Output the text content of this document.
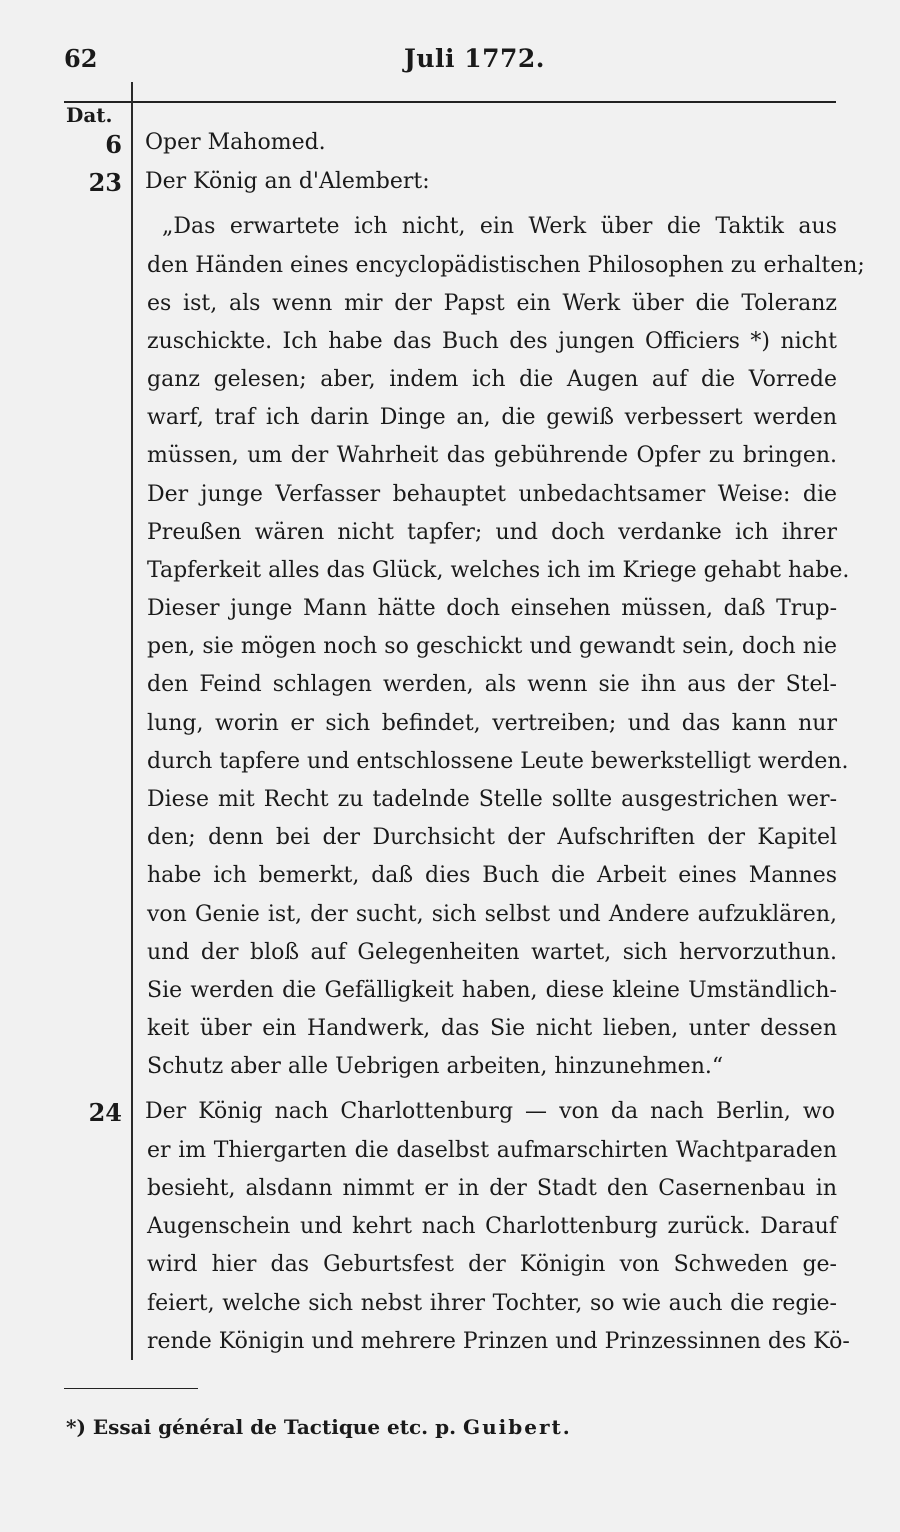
62	Juli 1772.
Dat.
6 Oper Mahomed.
23 Der König an d'Alembert:
„Das erwartete ich nicht, ein Werk über die Taktik aus
den Händen eines encyclopädistischen Philosophen zu erhalten;
es ist, als wenn mir der Papst ein Werk über die Toleranz
zuschickte. Ich habe das Buch des jungen Officiers *) nicht
ganz gelesen; aber, indem ich die Augen auf die Vorrede
warf, traf ich darin Dinge an, die gewiß verbessert werden
müssen, um der Wahrheit das gebührende Opfer zu bringen.
Der junge Verfasser behauptet unbedachtsamer Weise: die
Preußen wären nicht tapfer; und doch verdanke ich ihrer
Tapferkeit alles das Glück, welches ich im Kriege gehabt habe.
Dieser junge Mann hätte doch einsehen müssen, daß Trup-
pen, sie mögen noch so geschickt und gewandt sein, doch nie
den Feind schlagen werden, als wenn sie ihn aus der Stel-
lung, worin er sich befindet, vertreiben; und das kann nur
durch tapfere und entschlossene Leute bewerkstelligt werden.
Diese mit Recht zu tadelnde Stelle sollte ausgestrichen wer-
den; denn bei der Durchsicht der Aufschriften der Kapitel
habe ich bemerkt, daß dies Buch die Arbeit eines Mannes
von Genie ist, der sucht, sich selbst und Andere aufzuklären,
und der bloß auf Gelegenheiten wartet, sich hervorzuthun.
Sie werden die Gefälligkeit haben, diese kleine Umständlich-
keit über ein Handwerk, das Sie nicht lieben, unter dessen
Schutz aber alle Uebrigen arbeiten, hinzunehmen.“
24 Der König nach Charlottenburg — von da nach Berlin, wo
er im Thiergarten die daselbst aufmarschirten Wachtparaden
besieht, alsdann nimmt er in der Stadt den Casernenbau in
Augenschein und kehrt nach Charlottenburg zurück. Darauf
wird hier das Geburtsfest der Königin von Schweden ge-
feiert, welche sich nebst ihrer Tochter, so wie auch die regie-
rende Königin und mehrere Prinzen und Prinzessinnen des Kö-
*) Essai général de Tactique etc. p. Guibert.
